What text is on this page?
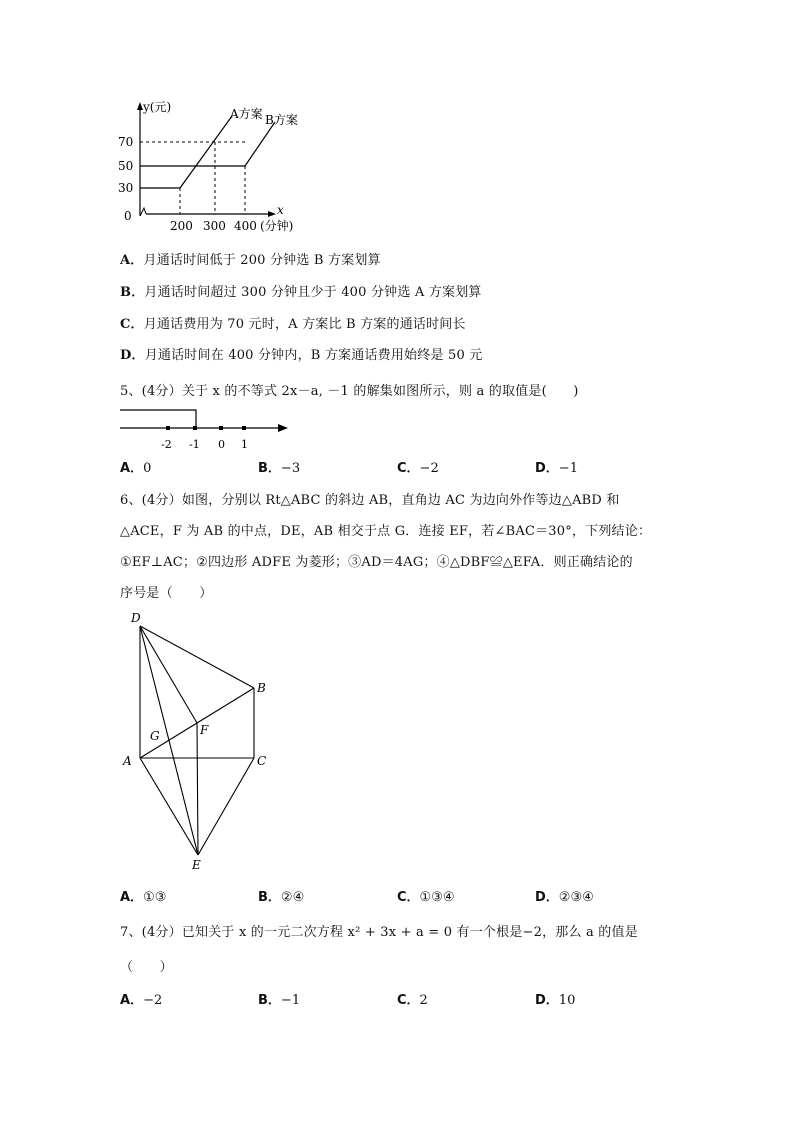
y(元)
30
50
70
0
200 300 400
x
(分钟)
A方案 B方案
A．月通话时间低于 200 分钟选 B 方案划算
B．月通话时间超过 300 分钟且少于 400 分钟选 A 方案划算
C．月通话费用为 70 元时，A 方案比 B 方案的通话时间长
D．月通话时间在 400 分钟内，B 方案通话费用始终是 50 元
5、(4分）关于 x 的不等式 2x－a, －1 的解集如图所示，则 a 的取值是(　　)
-2 -1 0 1
A．0	B．−3	C．−2	D．−1
6、(4分）如图，分别以 Rt△ABC 的斜边 AB，直角边 AC 为边向外作等边△ABD 和
△ACE，F 为 AB 的中点，DE，AB 相交于点 G．连接 EF，若∠BAC＝30°，下列结论：
①EF⊥AC；②四边形 ADFE 为菱形；③AD＝4AG；④△DBF≌△EFA．则正确结论的
序号是（　　）
D
B
G	F
A	C
E
A．①③	B．②④	C．①③④	D．②③④
7、(4分）已知关于 x 的一元二次方程 x² + 3x + a = 0 有一个根是−2，那么 a 的值是
（　　）
A．−2	B．−1	C．2	D．10
